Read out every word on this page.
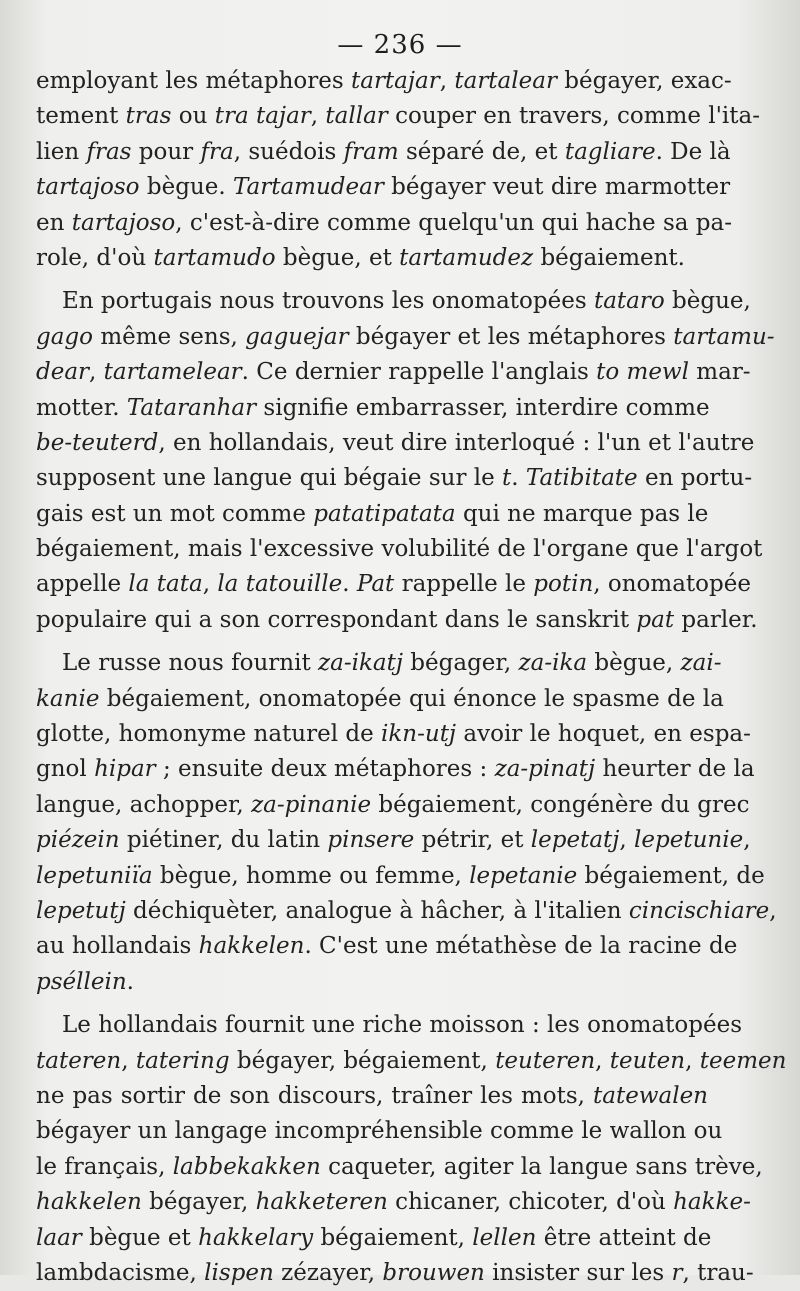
— 236 —
employant les métaphores tartajar, tartalear bégayer, exac-
tement tras ou tra tajar, tallar couper en travers, comme l'ita-
lien fras pour fra, suédois fram séparé de, et tagliare. De là
tartajoso bègue. Tartamudear bégayer veut dire marmotter
en tartajoso, c'est-à-dire comme quelqu'un qui hache sa pa-
role, d'où tartamudo bègue, et tartamudez bégaiement.
En portugais nous trouvons les onomatopées tataro bègue,
gago même sens, gaguejar bégayer et les métaphores tartamu-
dear, tartamelear. Ce dernier rappelle l'anglais to mewl mar-
motter. Tataranhar signifie embarrasser, interdire comme
be-teuterd, en hollandais, veut dire interloqué : l'un et l'autre
supposent une langue qui bégaie sur le t. Tatibitate en portu-
gais est un mot comme patatipatata qui ne marque pas le
bégaiement, mais l'excessive volubilité de l'organe que l'argot
appelle la tata, la tatouille. Pat rappelle le potin, onomatopée
populaire qui a son correspondant dans le sanskrit pat parler.
Le russe nous fournit za-ikatj bégager, za-ika bègue, zai-
kanie bégaiement, onomatopée qui énonce le spasme de la
glotte, homonyme naturel de ikn-utj avoir le hoquet, en espa-
gnol hipar ; ensuite deux métaphores : za-pinatj heurter de la
langue, achopper, za-pinanie bégaiement, congénère du grec
piézein piétiner, du latin pinsere pétrir, et lepetatj, lepetunie,
lepetuniïa bègue, homme ou femme, lepetanie bégaiement, de
lepetutj déchiquèter, analogue à hâcher, à l'italien cincischiare,
au hollandais hakkelen. C'est une métathèse de la racine de
pséllein.
Le hollandais fournit une riche moisson : les onomatopées
tateren, tatering bégayer, bégaiement, teuteren, teuten, teemen
ne pas sortir de son discours, traîner les mots, tatewalen
bégayer un langage incompréhensible comme le wallon ou
le français, labbekakken caqueter, agiter la langue sans trève,
hakkelen bégayer, hakketeren chicaner, chicoter, d'où hakke-
laar bègue et hakkelary bégaiement, lellen être atteint de
lambdacisme, lispen zézayer, brouwen insister sur les r, trau-
